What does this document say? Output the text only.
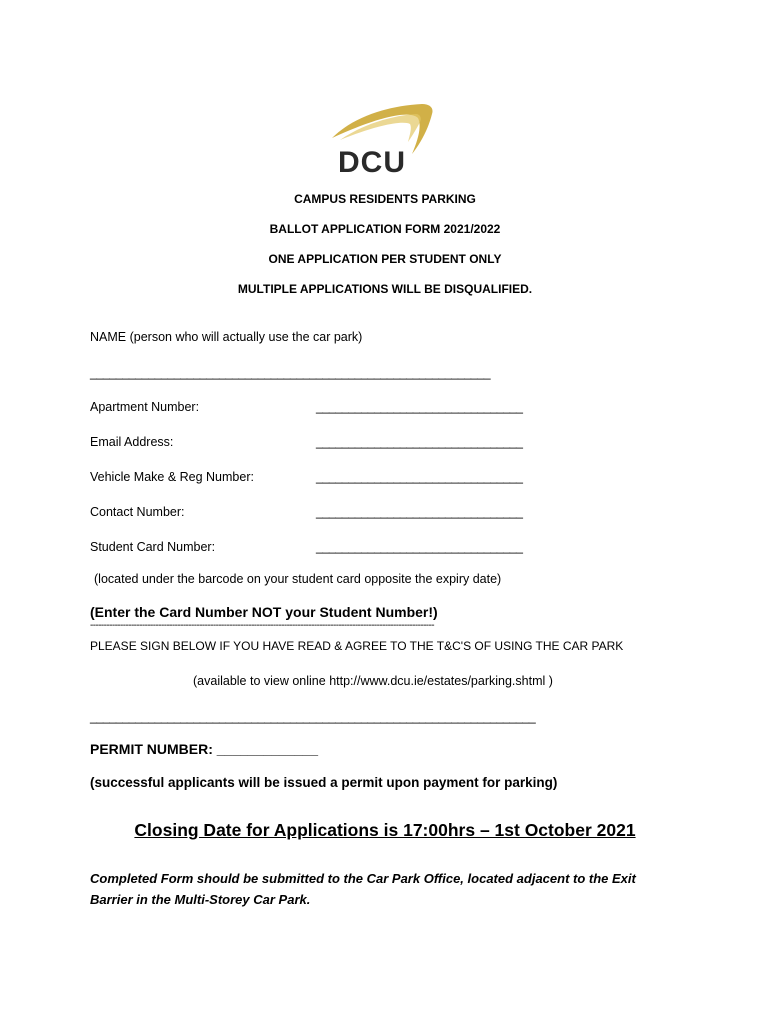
DCU
CAMPUS RESIDENTS PARKING
BALLOT APPLICATION FORM 2021/2022
ONE APPLICATION PER STUDENT ONLY
MULTIPLE APPLICATIONS WILL BE DISQUALIFIED.
NAME (person who will actually use the car park)
______________________________________________________________
Apartment Number:	________________________________
Email Address:	________________________________
Vehicle Make & Reg Number:	________________________________
Contact Number:	________________________________
Student Card Number:	________________________________
(located under the barcode on your student card opposite the expiry date)
(Enter the Card Number NOT your Student Number!)
------------------------------------------------------------------------------------------------------------------------------
PLEASE SIGN BELOW IF YOU HAVE READ & AGREE TO THE T&C'S OF USING THE CAR PARK
(available to view online http://www.dcu.ie/estates/parking.shtml )
_____________________________________________________________________
PERMIT NUMBER: _____________
(successful applicants will be issued a permit upon payment for parking)
Closing Date for Applications is 17:00hrs – 1st October 2021
Completed Form should be submitted to the Car Park Office, located adjacent to the Exit Barrier in the Multi-Storey Car Park.
